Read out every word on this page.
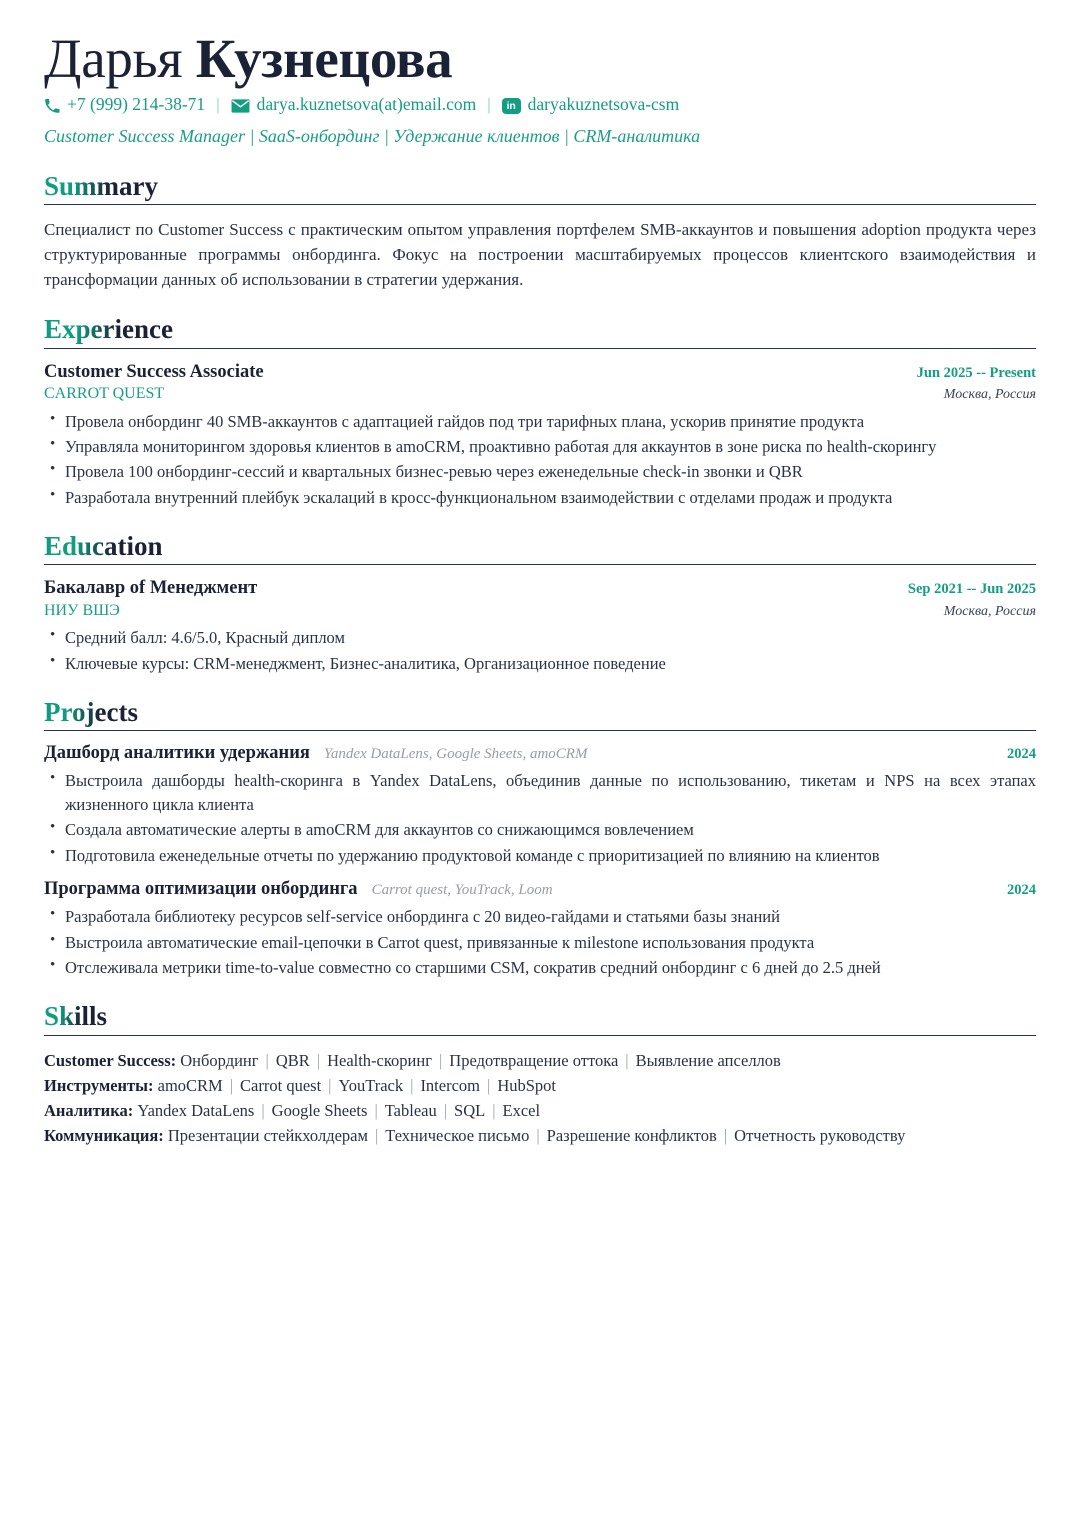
Дарья Кузнецова
+7 (999) 214-38-71 |	darya.kuznetsova(at)email.com |	in daryakuznetsova-csm
Customer Success Manager | SaaS-онбординг | Удержание клиентов | CRM-аналитика
Summary

Специалист по Customer Success с практическим опытом управления портфелем SMB-аккаунтов и повышения adoption продукта через структурированные программы онбординга. Фокус на построении масштабируемых процессов клиентского взаимодействия и трансформации данных об использовании в стратегии удержания.

Experience
Customer Success Associate	Jun 2025 -- Present
CARROT QUEST	Москва, Россия
• Провела онбординг 40 SMB-аккаунтов с адаптацией гайдов под три тарифных плана, ускорив принятие продукта
• Управляла мониторингом здоровья клиентов в amoCRM, проактивно работая для аккаунтов в зоне риска по health-скорингу
• Провела 100 онбординг-сессий и квартальных бизнес-ревью через еженедельные check-in звонки и QBR
• Разработала внутренний плейбук эскалаций в кросс-функциональном взаимодействии с отделами продаж и продукта
Education
Бакалавр of Менеджмент	Sep 2021 -- Jun 2025
НИУ ВШЭ	Москва, Россия
• Средний балл: 4.6/5.0, Красный диплом
• Ключевые курсы: CRM-менеджмент, Бизнес-аналитика, Организационное поведение
Projects
Дашборд аналитики удержания Yandex DataLens, Google Sheets, amoCRM	2024
• Выстроила дашборды health-скоринга в Yandex DataLens, объединив данные по использованию, тикетам и NPS на всех этапах жизненного цикла клиента
• Создала автоматические алерты в amoCRM для аккаунтов со снижающимся вовлечением
• Подготовила еженедельные отчеты по удержанию продуктовой команде с приоритизацией по влиянию на клиентов
Программа оптимизации онбординга Carrot quest, YouTrack, Loom	2024
• Разработала библиотеку ресурсов self-service онбординга с 20 видео-гайдами и статьями базы знаний
• Выстроила автоматические email-цепочки в Carrot quest, привязанные к milestone использования продукта
• Отслеживала метрики time-to-value совместно со старшими CSM, сократив средний онбординг с 6 дней до 2.5 дней
Skills
Customer Success: Онбординг | QBR | Health-скоринг | Предотвращение оттока | Выявление апселлов
Инструменты: amoCRM | Carrot quest | YouTrack | Intercom | HubSpot
Аналитика: Yandex DataLens | Google Sheets | Tableau | SQL | Excel
Коммуникация: Презентации стейкхолдерам | Техническое письмо | Разрешение конфликтов | Отчетность руководству
